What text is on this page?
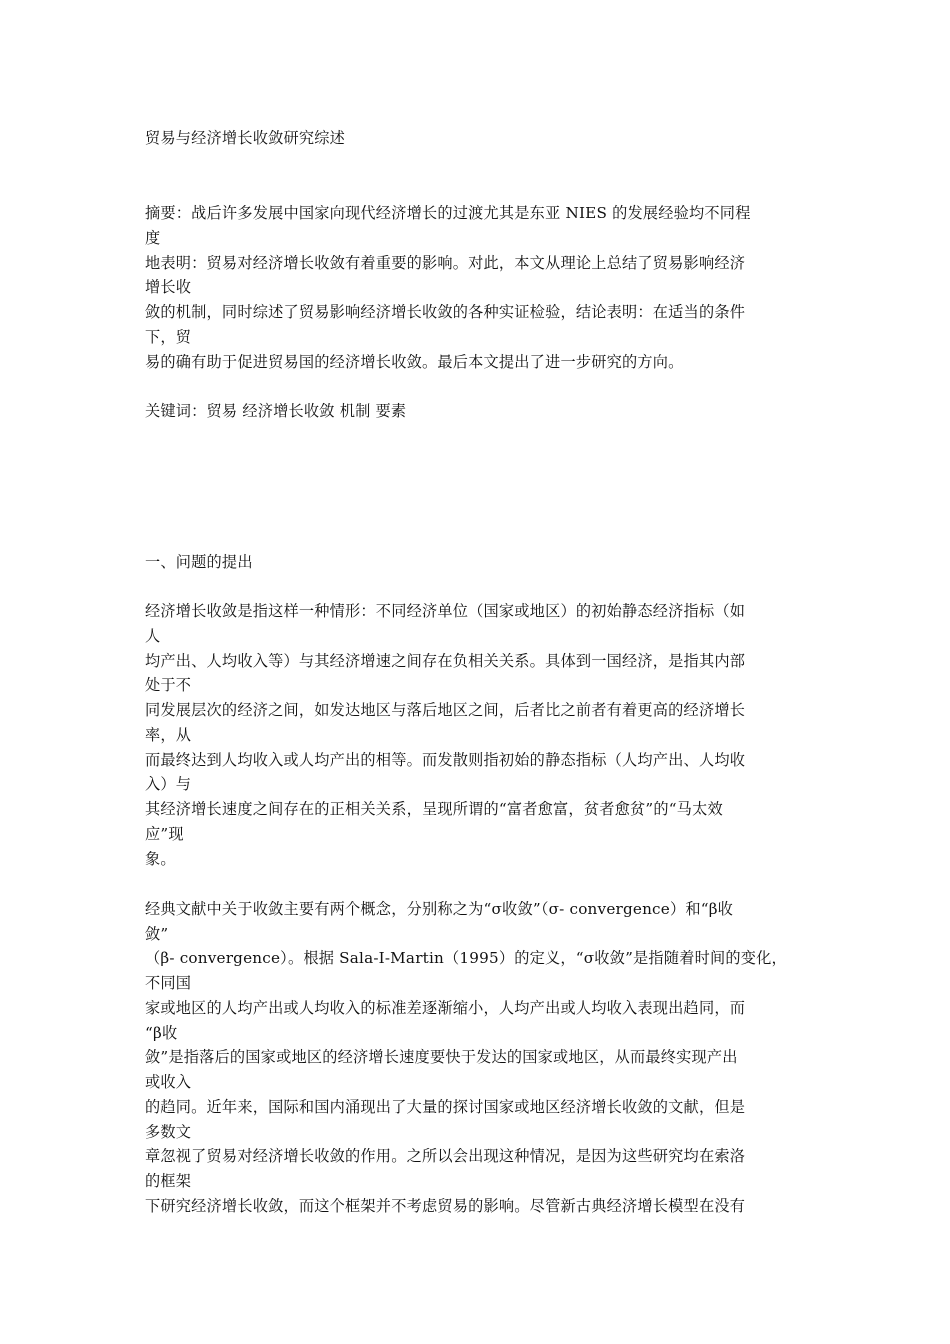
贸易与经济增长收敛研究综述
摘要：战后许多发展中国家向现代经济增长的过渡尤其是东亚 NIES 的发展经验均不同程
度
地表明：贸易对经济增长收敛有着重要的影响。对此，本文从理论上总结了贸易影响经济
增长收
敛的机制，同时综述了贸易影响经济增长收敛的各种实证检验，结论表明：在适当的条件
下，贸
易的确有助于促进贸易国的经济增长收敛。最后本文提出了进一步研究的方向。
关键词：贸易 经济增长收敛 机制 要素
一、问题的提出
经济增长收敛是指这样一种情形：不同经济单位（国家或地区）的初始静态经济指标（如
人
均产出、人均收入等）与其经济增速之间存在负相关关系。具体到一国经济，是指其内部
处于不
同发展层次的经济之间，如发达地区与落后地区之间，后者比之前者有着更高的经济增长
率，从
而最终达到人均收入或人均产出的相等。而发散则指初始的静态指标（人均产出、人均收
入）与
其经济增长速度之间存在的正相关关系，呈现所谓的“富者愈富，贫者愈贫”的“马太效
应”现
象。
经典文献中关于收敛主要有两个概念，分别称之为“σ收敛”（σ- convergence）和“β收
敛”
（β- convergence）。根据 Sala-I-Martin（1995）的定义，“σ收敛”是指随着时间的变化，
不同国
家或地区的人均产出或人均收入的标准差逐渐缩小，人均产出或人均收入表现出趋同，而
“β收
敛”是指落后的国家或地区的经济增长速度要快于发达的国家或地区，从而最终实现产出
或收入
的趋同。近年来，国际和国内涌现出了大量的探讨国家或地区经济增长收敛的文献，但是
多数文
章忽视了贸易对经济增长收敛的作用。之所以会出现这种情况，是因为这些研究均在索洛
的框架
下研究经济增长收敛，而这个框架并不考虑贸易的影响。尽管新古典经济增长模型在没有
